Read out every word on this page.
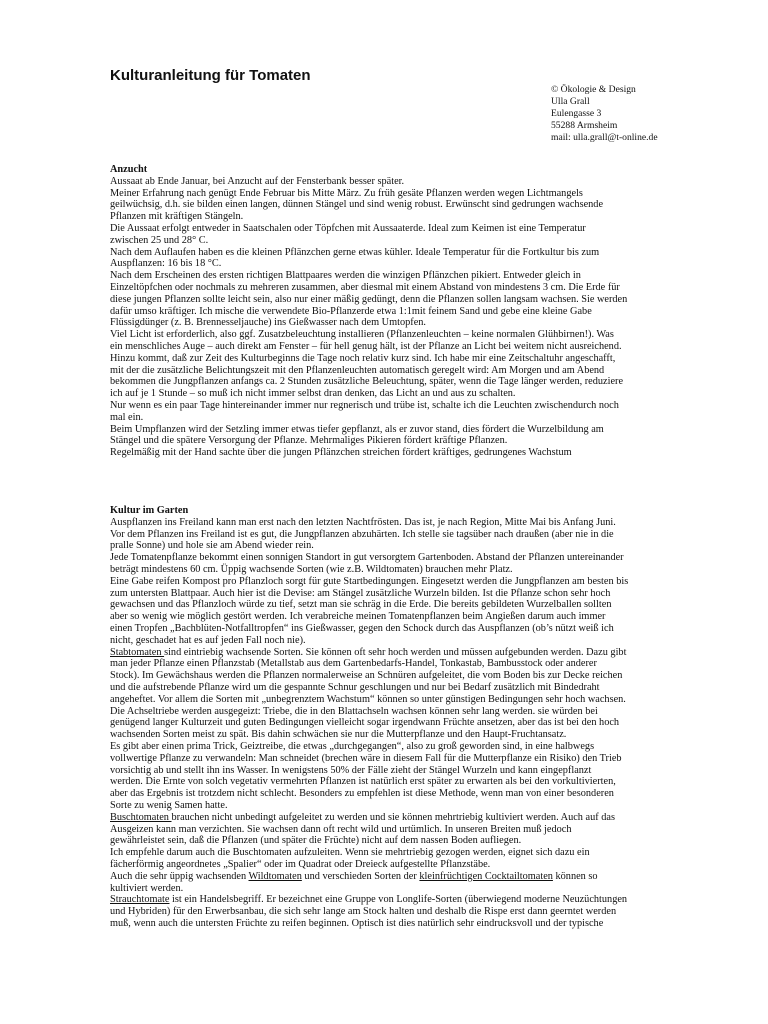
Kulturanleitung für Tomaten
© Ökologie & Design
Ulla Grall
Eulengasse 3
55288 Armsheim
mail: ulla.grall@t-online.de
Anzucht
Aussaat ab Ende Januar, bei Anzucht auf der Fensterbank besser später.
Meiner Erfahrung nach genügt Ende Februar bis Mitte März. Zu früh gesäte Pflanzen werden wegen Lichtmangels
geilwüchsig, d.h. sie bilden einen langen, dünnen Stängel und sind wenig robust. Erwünscht sind gedrungen wachsende
Pflanzen mit kräftigen Stängeln.
Die Aussaat erfolgt entweder in Saatschalen oder Töpfchen mit Aussaaterde. Ideal zum Keimen ist eine Temperatur
zwischen 25 und 28° C.
Nach dem Auflaufen haben es die kleinen Pflänzchen gerne etwas kühler. Ideale Temperatur für die Fortkultur bis zum
Auspflanzen: 16 bis 18 °C.
Nach dem Erscheinen des ersten richtigen Blattpaares werden die winzigen Pflänzchen pikiert. Entweder gleich in
Einzeltöpfchen oder nochmals zu mehreren zusammen, aber diesmal mit einem Abstand von mindestens 3 cm. Die Erde für
diese jungen Pflanzen sollte leicht sein, also nur einer mäßig gedüngt, denn die Pflanzen sollen langsam wachsen. Sie werden
dafür umso kräftiger. Ich mische die verwendete Bio-Pflanzerde etwa 1:1mit feinem Sand und gebe eine kleine Gabe
Flüssigdünger (z. B. Brennesseljauche) ins Gießwasser nach dem Umtopfen.
Viel Licht ist erforderlich, also ggf. Zusatzbeleuchtung installieren (Pflanzenleuchten – keine normalen Glühbirnen!). Was
ein menschliches Auge – auch direkt am Fenster – für hell genug hält, ist der Pflanze an Licht bei weitem nicht ausreichend.
Hinzu kommt, daß zur Zeit des Kulturbeginns die Tage noch relativ kurz sind. Ich habe mir eine Zeitschaltuhr angeschafft,
mit der die zusätzliche Belichtungszeit mit den Pflanzenleuchten automatisch geregelt wird: Am Morgen und am Abend
bekommen die Jungpflanzen anfangs ca. 2 Stunden zusätzliche Beleuchtung, später, wenn die Tage länger werden, reduziere
ich auf je 1 Stunde – so muß ich nicht immer selbst dran denken, das Licht an und aus zu schalten.
Nur wenn es ein paar Tage hintereinander immer nur regnerisch und trübe ist, schalte ich die Leuchten zwischendurch noch
mal ein.
Beim Umpflanzen wird der Setzling immer etwas tiefer gepflanzt, als er zuvor stand, dies fördert die Wurzelbildung am
Stängel und die spätere Versorgung der Pflanze. Mehrmaliges Pikieren fördert kräftige Pflanzen.
Regelmäßig mit der Hand sachte über die jungen Pflänzchen streichen fördert kräftiges, gedrungenes Wachstum
Kultur im Garten
Auspflanzen ins Freiland kann man erst nach den letzten Nachtfrösten. Das ist, je nach Region, Mitte Mai bis Anfang Juni.
Vor dem Pflanzen ins Freiland ist es gut, die Jungpflanzen abzuhärten. Ich stelle sie tagsüber nach draußen (aber nie in die
pralle Sonne) und hole sie am Abend wieder rein.
Jede Tomatenpflanze bekommt einen sonnigen Standort in gut versorgtem Gartenboden. Abstand der Pflanzen untereinander
beträgt mindestens 60 cm. Üppig wachsende Sorten (wie z.B. Wildtomaten) brauchen mehr Platz.
Eine Gabe reifen Kompost pro Pflanzloch sorgt für gute Startbedingungen. Eingesetzt werden die Jungpflanzen am besten bis
zum untersten Blattpaar. Auch hier ist die Devise: am Stängel zusätzliche Wurzeln bilden. Ist die Pflanze schon sehr hoch
gewachsen und das Pflanzloch würde zu tief, setzt man sie schräg in die Erde. Die bereits gebildeten Wurzelballen sollten
aber so wenig wie möglich gestört werden. Ich verabreiche meinen Tomatenpflanzen beim Angießen darum auch immer
einen Tropfen „Bachblüten-Notfalltropfen“ ins Gießwasser, gegen den Schock durch das Auspflanzen (ob’s nützt weiß ich
nicht, geschadet hat es auf jeden Fall noch nie).
Stabtomaten sind eintriebig wachsende Sorten. Sie können oft sehr hoch werden und müssen aufgebunden werden. Dazu gibt
man jeder Pflanze einen Pflanzstab (Metallstab aus dem Gartenbedarfs-Handel, Tonkastab, Bambusstock oder anderer
Stock). Im Gewächshaus werden die Pflanzen normalerweise an Schnüren aufgeleitet, die vom Boden bis zur Decke reichen
und die aufstrebende Pflanze wird um die gespannte Schnur geschlungen und nur bei Bedarf zusätzlich mit Bindedraht
angeheftet. Vor allem die Sorten mit „unbegrenztem Wachstum“ können so unter günstigen Bedingungen sehr hoch wachsen.
Die Achseltriebe werden ausgegeizt: Triebe, die in den Blattachseln wachsen können sehr lang werden. sie würden bei
genügend langer Kulturzeit und guten Bedingungen vielleicht sogar irgendwann Früchte ansetzen, aber das ist bei den hoch
wachsenden Sorten meist zu spät. Bis dahin schwächen sie nur die Mutterpflanze und den Haupt-Fruchtansatz.
Es gibt aber einen prima Trick, Geiztreibe, die etwas „durchgegangen“, also zu groß geworden sind, in eine halbwegs
vollwertige Pflanze zu verwandeln: Man schneidet (brechen wäre in diesem Fall für die Mutterpflanze ein Risiko) den Trieb
vorsichtig ab und stellt ihn ins Wasser. In wenigstens 50% der Fälle zieht der Stängel Wurzeln und kann eingepflanzt
werden. Die Ernte von solch vegetativ vermehrten Pflanzen ist natürlich erst später zu erwarten als bei den vorkultivierten,
aber das Ergebnis ist trotzdem nicht schlecht. Besonders zu empfehlen ist diese Methode, wenn man von einer besonderen
Sorte zu wenig Samen hatte.
Buschtomaten brauchen nicht unbedingt aufgeleitet zu werden und sie können mehrtriebig kultiviert werden. Auch auf das
Ausgeizen kann man verzichten. Sie wachsen dann oft recht wild und urtümlich. In unseren Breiten muß jedoch
gewährleistet sein, daß die Pflanzen (und später die Früchte) nicht auf dem nassen Boden aufliegen.
Ich empfehle darum auch die Buschtomaten aufzuleiten. Wenn sie mehrtriebig gezogen werden, eignet sich dazu ein
fächerförmig angeordnetes „Spalier“ oder im Quadrat oder Dreieck aufgestellte Pflanzstäbe.
Auch die sehr üppig wachsenden Wildtomaten und verschieden Sorten der kleinfrüchtigen Cocktailtomaten können so
kultiviert werden.
Strauchtomate ist ein Handelsbegriff. Er bezeichnet eine Gruppe von Longlife-Sorten (überwiegend moderne Neuzüchtungen
und Hybriden) für den Erwerbsanbau, die sich sehr lange am Stock halten und deshalb die Rispe erst dann geerntet werden
muß, wenn auch die untersten Früchte zu reifen beginnen. Optisch ist dies natürlich sehr eindrucksvoll und der typische
